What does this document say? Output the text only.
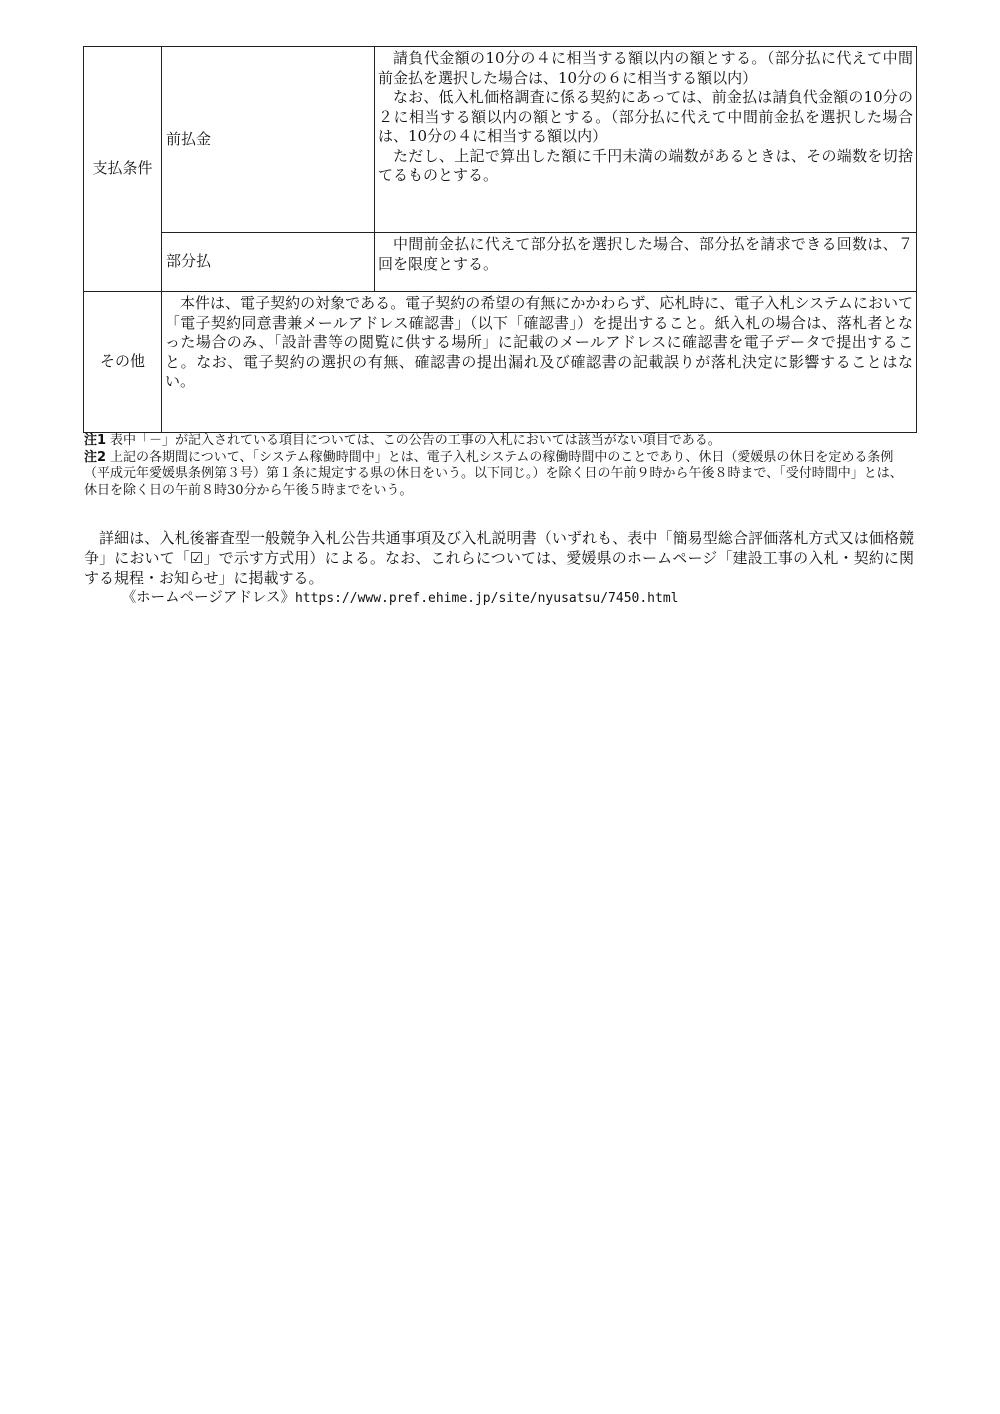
支払条件	前払金	請負代金額の10分の４に相当する額以内の額とする。（部分払に代えて中間前金払を選択した場合は、10分の６に相当する額以内）

なお、低入札価格調査に係る契約にあっては、前金払は請負代金額の10分の２に相当する額以内の額とする。（部分払に代えて中間前金払を選択した場合は、10分の４に相当する額以内）

ただし、上記で算出した額に千円未満の端数があるときは、その端数を切捨てるものとする。

	部分払	中間前金払に代えて部分払を選択した場合、部分払を請求できる回数は、７回を限度とする。

その他	本件は、電子契約の対象である。電子契約の希望の有無にかかわらず、応札時に、電子入札システムにおいて「電子契約同意書兼メールアドレス確認書」（以下「確認書」）を提出すること。紙入札の場合は、落札者となった場合のみ、「設計書等の閲覧に供する場所」に記載のメールアドレスに確認書を電子データで提出すること。なお、電子契約の選択の有無、確認書の提出漏れ及び確認書の記載誤りが落札決定に影響することはない。	

注1 表中「－」が記入されている項目については、この公告の工事の入札においては該当がない項目である。

注2 上記の各期間について、「システム稼働時間中」とは、電子入札システムの稼働時間中のことであり、休日（愛媛県の休日を定める条例（平成元年愛媛県条例第３号）第１条に規定する県の休日をいう。以下同じ。）を除く日の午前９時から午後８時まで、「受付時間中」とは、休日を除く日の午前８時30分から午後５時までをいう。

詳細は、入札後審査型一般競争入札公告共通事項及び入札説明書（いずれも、表中「簡易型総合評価落札方式又は価格競争」において「☑」で示す方式用）による。なお、これらについては、愛媛県のホームページ「建設工事の入札・契約に関する規程・お知らせ」に掲載する。

《ホームページアドレス》https://www.pref.ehime.jp/site/nyusatsu/7450.html
